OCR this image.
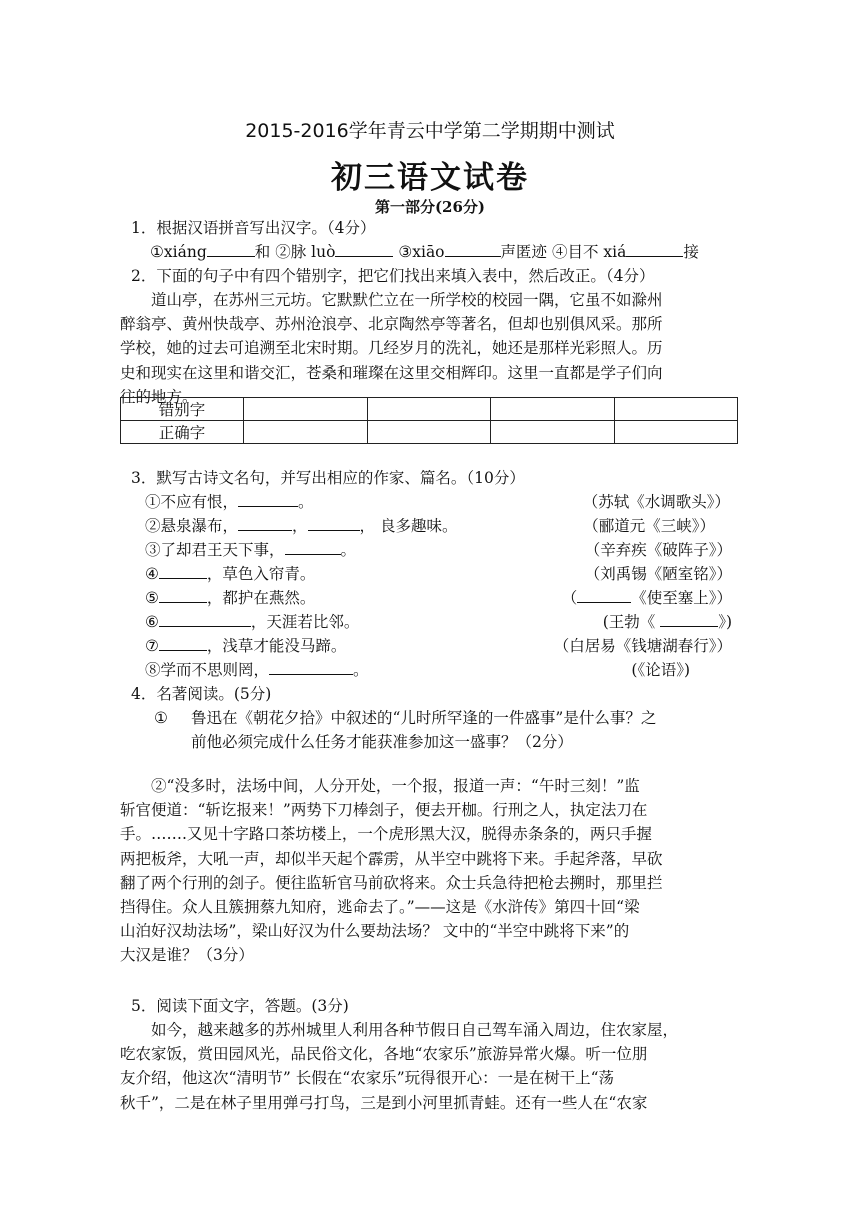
2015-2016学年青云中学第二学期期中测试
初三语文试卷
第一部分(26分)
1．根据汉语拼音写出汉字。（4分）
①xiáng	和 ②脉 luò	③xiāo	声匿迹 ④目不 xiá	接
2．下面的句子中有四个错别字，把它们找出来填入表中，然后改正。（4分）
道山亭，在苏州三元坊。它默默伫立在一所学校的校园一隅，它虽不如滁州
醉翁亭、黄州快哉亭、苏州沧浪亭、北京陶然亭等著名，但却也别俱风采。那所
学校，她的过去可追溯至北宋时期。几经岁月的洗礼，她还是那样光彩照人。历
史和现实在这里和谐交汇，苍桑和璀璨在这里交相辉印。这里一直都是学子们向
往的地方。
错别字				
正确字				
3．默写古诗文名句，并写出相应的作家、篇名。（10分）
①不应有恨，	。	（苏轼《水调歌头》）
②悬泉瀑布，	，	， 良多趣味。	（郦道元《三峡》）
③了却君王天下事，	。	（辛弃疾《破阵子》）
④	，草色入帘青。	（刘禹锡《陋室铭》）
⑤	，都护在燕然。	（	《使至塞上》）
⑥	，天涯若比邻。	(王勃《	》)
⑦	，浅草才能没马蹄。	（白居易《钱塘湖春行》）
⑧学而不思则罔，	。	(《论语》)
4．名著阅读。(5分)
① 鲁迅在《朝花夕拾》中叙述的“儿时所罕逢的一件盛事”是什么事？之
前他必须完成什么任务才能获准参加这一盛事？（2分）
②“没多时，法场中间，人分开处，一个报，报道一声：“午时三刻！”监
斩官便道：“斩讫报来！”两势下刀棒刽子，便去开枷。行刑之人，执定法刀在
手。…….又见十字路口茶坊楼上，一个虎形黑大汉，脱得赤条条的，两只手握
两把板斧，大吼一声，却似半天起个霹雳，从半空中跳将下来。手起斧落，早砍
翻了两个行刑的刽子。便往监斩官马前砍将来。众士兵急待把枪去搠时，那里拦
挡得住。众人且簇拥蔡九知府，逃命去了。”——这是《水浒传》第四十回“梁
山泊好汉劫法场”，梁山好汉为什么要劫法场？ 文中的“半空中跳将下来”的
大汉是谁？（3分）
5．阅读下面文字，答题。(3分)
如今，越来越多的苏州城里人利用各种节假日自己驾车涌入周边，住农家屋，
吃农家饭，赏田园风光，品民俗文化，各地“农家乐”旅游异常火爆。听一位朋
友介绍，他这次“清明节” 长假在“农家乐”玩得很开心：一是在树干上“荡
秋千”，二是在林子里用弹弓打鸟，三是到小河里抓青蛙。还有一些人在“农家
